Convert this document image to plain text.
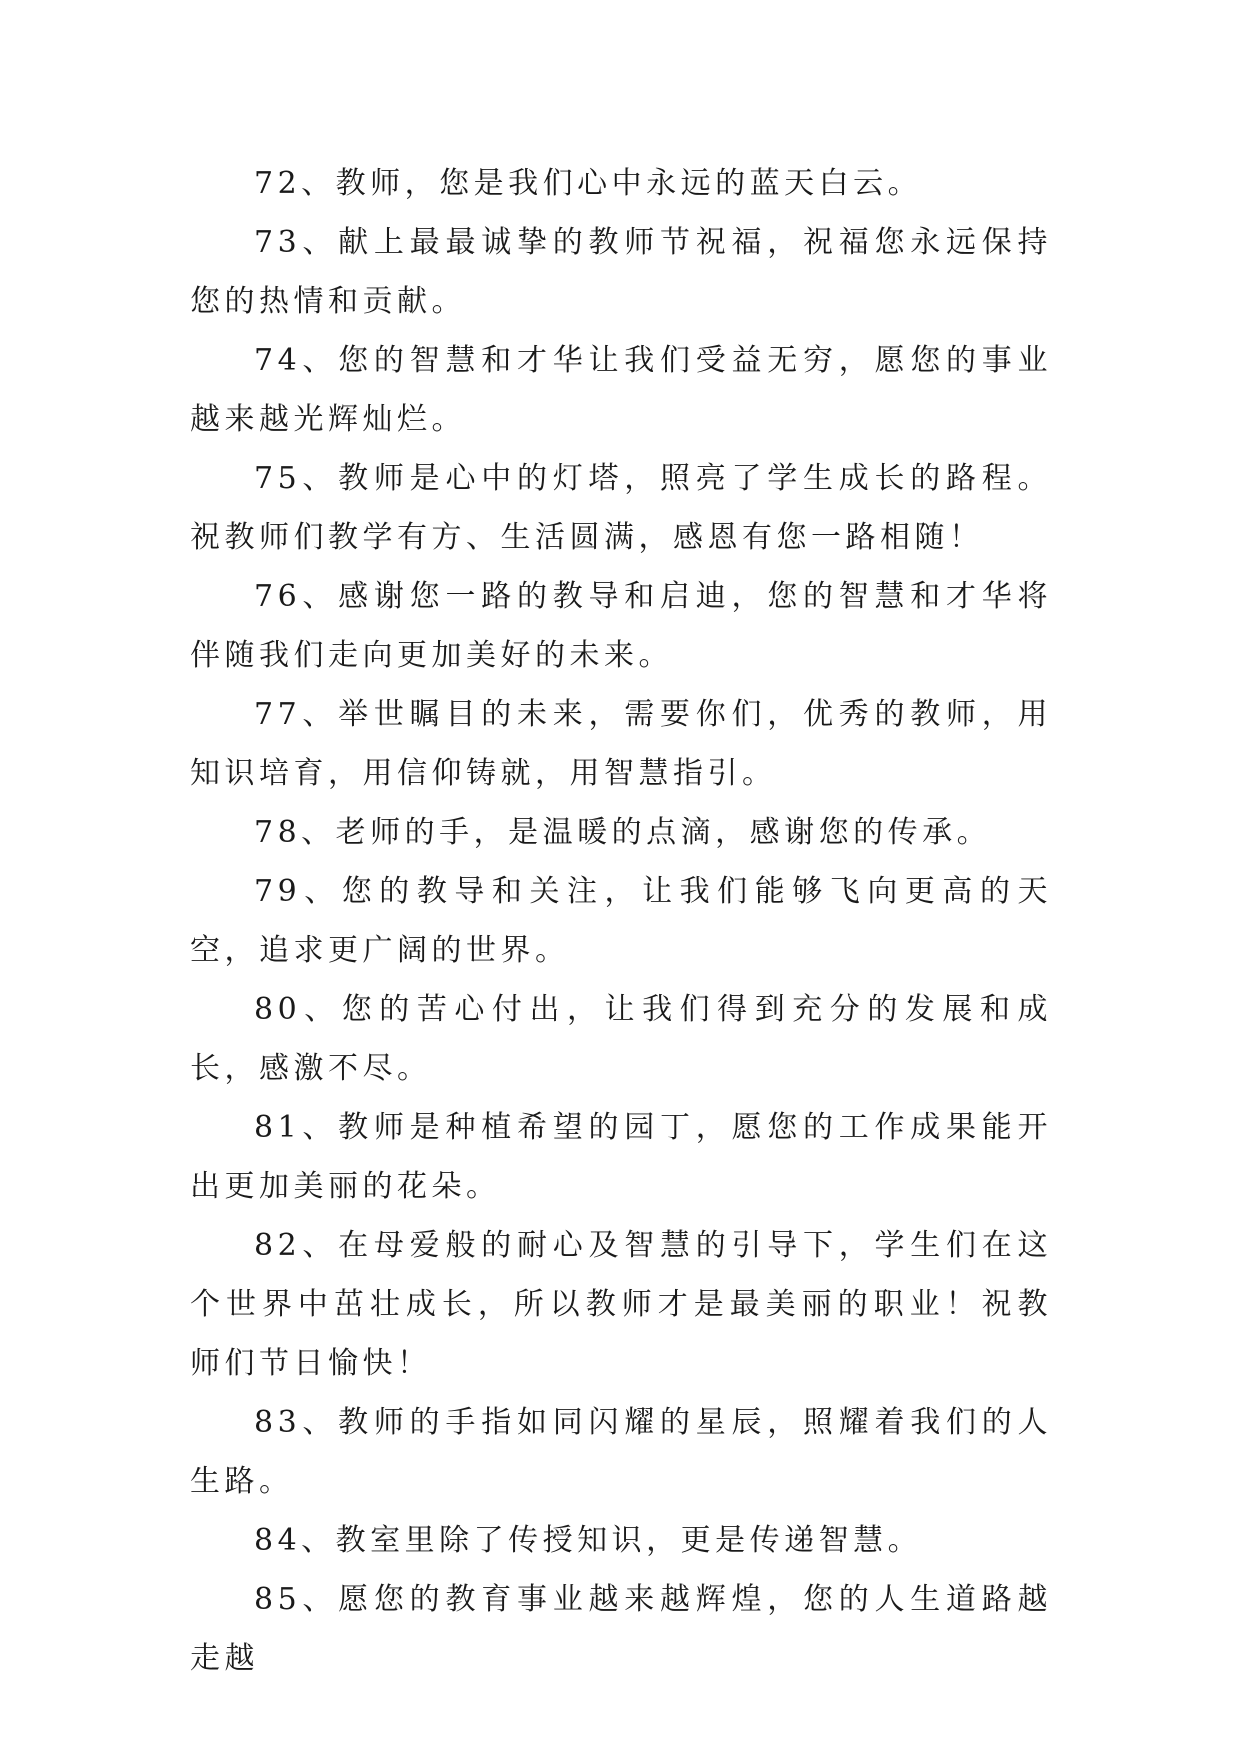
72、教师，您是我们心中永远的蓝天白云。

73、献上最最诚挚的教师节祝福，祝福您永远保持您的热情和贡献。

74、您的智慧和才华让我们受益无穷，愿您的事业越来越光辉灿烂。

75、教师是心中的灯塔，照亮了学生成长的路程。祝教师们教学有方、生活圆满，感恩有您一路相随！

76、感谢您一路的教导和启迪，您的智慧和才华将伴随我们走向更加美好的未来。

77、举世瞩目的未来，需要你们，优秀的教师，用知识培育，用信仰铸就，用智慧指引。

78、老师的手，是温暖的点滴，感谢您的传承。

79、您的教导和关注，让我们能够飞向更高的天空，追求更广阔的世界。

80、您的苦心付出，让我们得到充分的发展和成长，感激不尽。

81、教师是种植希望的园丁，愿您的工作成果能开出更加美丽的花朵。

82、在母爱般的耐心及智慧的引导下，学生们在这个世界中茁壮成长，所以教师才是最美丽的职业！祝教师们节日愉快！

83、教师的手指如同闪耀的星辰，照耀着我们的人生路。

84、教室里除了传授知识，更是传递智慧。

85、愿您的教育事业越来越辉煌，您的人生道路越走越
